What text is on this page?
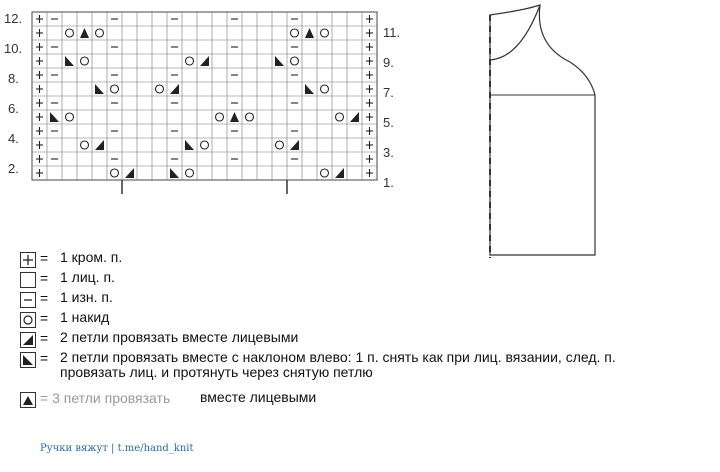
12.
10.
8.
6.
4.
2.
11.
9.
7.
5.
3.
1.
= 1 кром. п.
= 1 лиц. п.
= 1 изн. п.
= 1 накид
= 2 петли провязать вместе лицевыми
= 2 петли провязать вместе с наклоном влево: 1 п. снять как при лиц. вязании, след. п.
провязать лиц. и протянуть через снятую петлю
= 3 петли провязать вместе лицевыми
Ручки вяжут | t.me/hand_knit
